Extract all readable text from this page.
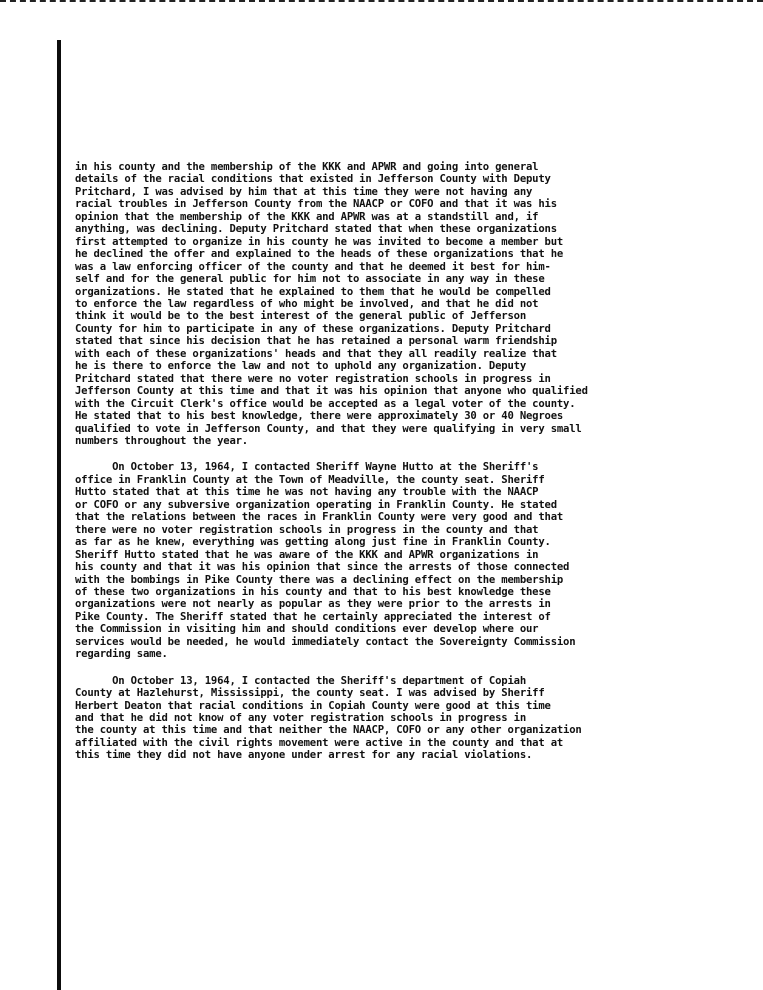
in his county and the membership of the KKK and APWR and going into general
details of the racial conditions that existed in Jefferson County with Deputy
Pritchard, I was advised by him that at this time they were not having any
racial troubles in Jefferson County from the NAACP or COFO and that it was his
opinion that the membership of the KKK and APWR was at a standstill and, if
anything, was declining. Deputy Pritchard stated that when these organizations
first attempted to organize in his county he was invited to become a member but
he declined the offer and explained to the heads of these organizations that he
was a law enforcing officer of the county and that he deemed it best for him-
self and for the general public for him not to associate in any way in these
organizations. He stated that he explained to them that he would be compelled
to enforce the law regardless of who might be involved, and that he did not
think it would be to the best interest of the general public of Jefferson
County for him to participate in any of these organizations. Deputy Pritchard
stated that since his decision that he has retained a personal warm friendship
with each of these organizations' heads and that they all readily realize that
he is there to enforce the law and not to uphold any organization. Deputy
Pritchard stated that there were no voter registration schools in progress in
Jefferson County at this time and that it was his opinion that anyone who qualified
with the Circuit Clerk's office would be accepted as a legal voter of the county.
He stated that to his best knowledge, there were approximately 30 or 40 Negroes
qualified to vote in Jefferson County, and that they were qualifying in very small
numbers throughout the year.
On October 13, 1964, I contacted Sheriff Wayne Hutto at the Sheriff's
office in Franklin County at the Town of Meadville, the county seat. Sheriff
Hutto stated that at this time he was not having any trouble with the NAACP
or COFO or any subversive organization operating in Franklin County. He stated
that the relations between the races in Franklin County were very good and that
there were no voter registration schools in progress in the county and that
as far as he knew, everything was getting along just fine in Franklin County.
Sheriff Hutto stated that he was aware of the KKK and APWR organizations in
his county and that it was his opinion that since the arrests of those connected
with the bombings in Pike County there was a declining effect on the membership
of these two organizations in his county and that to his best knowledge these
organizations were not nearly as popular as they were prior to the arrests in
Pike County. The Sheriff stated that he certainly appreciated the interest of
the Commission in visiting him and should conditions ever develop where our
services would be needed, he would immediately contact the Sovereignty Commission
regarding same.
On October 13, 1964, I contacted the Sheriff's department of Copiah
County at Hazlehurst, Mississippi, the county seat. I was advised by Sheriff
Herbert Deaton that racial conditions in Copiah County were good at this time
and that he did not know of any voter registration schools in progress in
the county at this time and that neither the NAACP, COFO or any other organization
affiliated with the civil rights movement were active in the county and that at
this time they did not have anyone under arrest for any racial violations.
